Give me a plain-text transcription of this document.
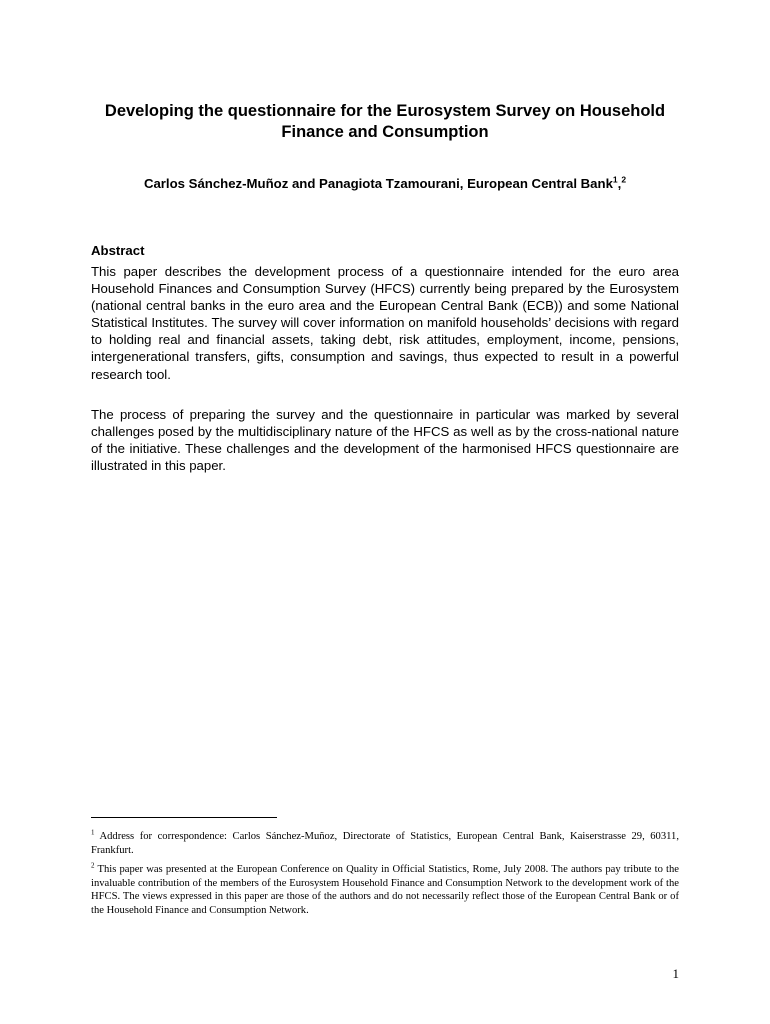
Developing the questionnaire for the Eurosystem Survey on Household Finance and Consumption
Carlos Sánchez-Muñoz and Panagiota Tzamourani, European Central Bank$^1$,$^2$
Abstract

This paper describes the development process of a questionnaire intended for the euro area Household Finances and Consumption Survey (HFCS) currently being prepared by the Eurosystem (national central banks in the euro area and the European Central Bank (ECB)) and some National Statistical Institutes. The survey will cover information on manifold households’ decisions with regard to holding real and financial assets, taking debt, risk attitudes, employment, income, pensions, intergenerational transfers, gifts, consumption and savings, thus expected to result in a powerful research tool.

The process of preparing the survey and the questionnaire in particular was marked by several challenges posed by the multidisciplinary nature of the HFCS as well as by the cross-national nature of the initiative. These challenges and the development of the harmonised HFCS questionnaire are illustrated in this paper.

$^1$ Address for correspondence: Carlos Sánchez-Muñoz, Directorate of Statistics, European Central Bank, Kaiserstrasse 29, 60311, Frankfurt.

$^2$ This paper was presented at the European Conference on Quality in Official Statistics, Rome, July 2008. The authors pay tribute to the invaluable contribution of the members of the Eurosystem Household Finance and Consumption Network to the development work of the HFCS. The views expressed in this paper are those of the authors and do not necessarily reflect those of the European Central Bank or of the Household Finance and Consumption Network.

1
